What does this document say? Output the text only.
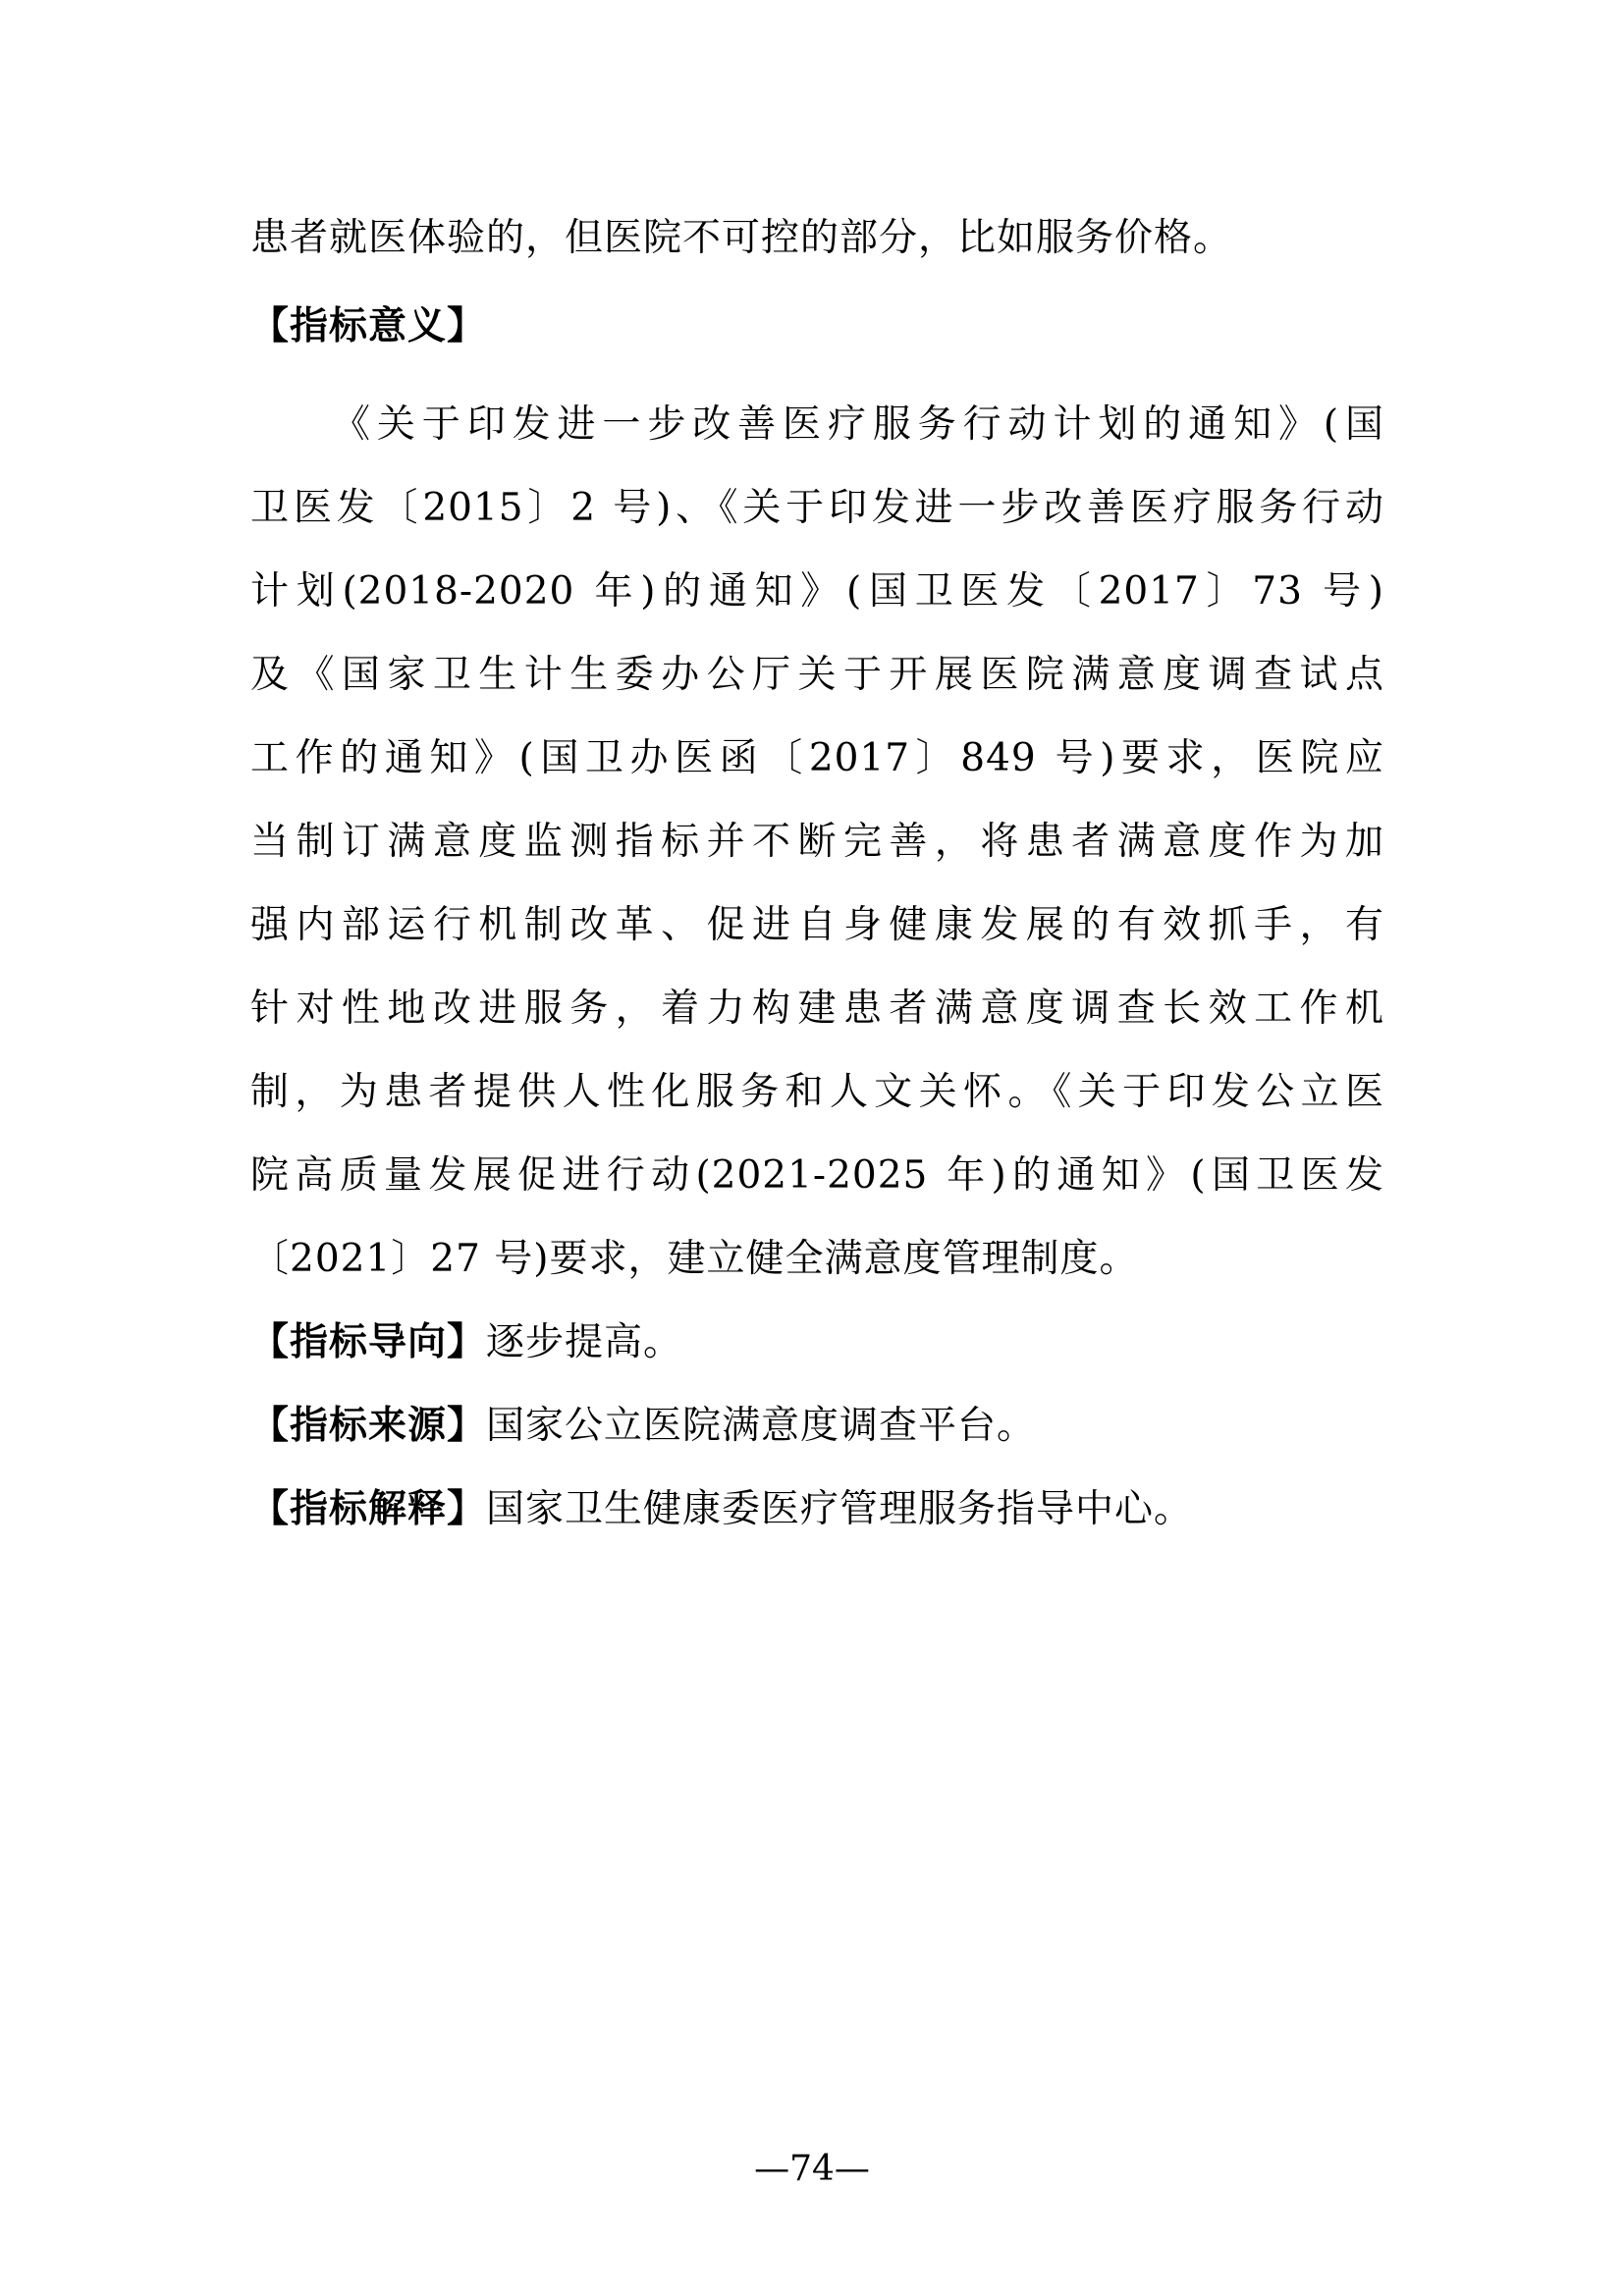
患者就医体验的，但医院不可控的部分，比如服务价格。
【指标意义】
《关于印发进一步改善医疗服务行动计划的通知》(国
卫医发〔2015〕2 号)、《关于印发进一步改善医疗服务行动
计划(2018-2020 年)的通知》(国卫医发〔2017〕73 号)
及《国家卫生计生委办公厅关于开展医院满意度调查试点
工作的通知》(国卫办医函〔2017〕849 号)要求，医院应
当制订满意度监测指标并不断完善，将患者满意度作为加
强内部运行机制改革、促进自身健康发展的有效抓手，有
针对性地改进服务，着力构建患者满意度调查长效工作机
制，为患者提供人性化服务和人文关怀。《关于印发公立医
院高质量发展促进行动(2021-2025 年)的通知》(国卫医发
〔2021〕27 号)要求，建立健全满意度管理制度。
【指标导向】逐步提高。
【指标来源】国家公立医院满意度调查平台。
【指标解释】国家卫生健康委医疗管理服务指导中心。
—74—
